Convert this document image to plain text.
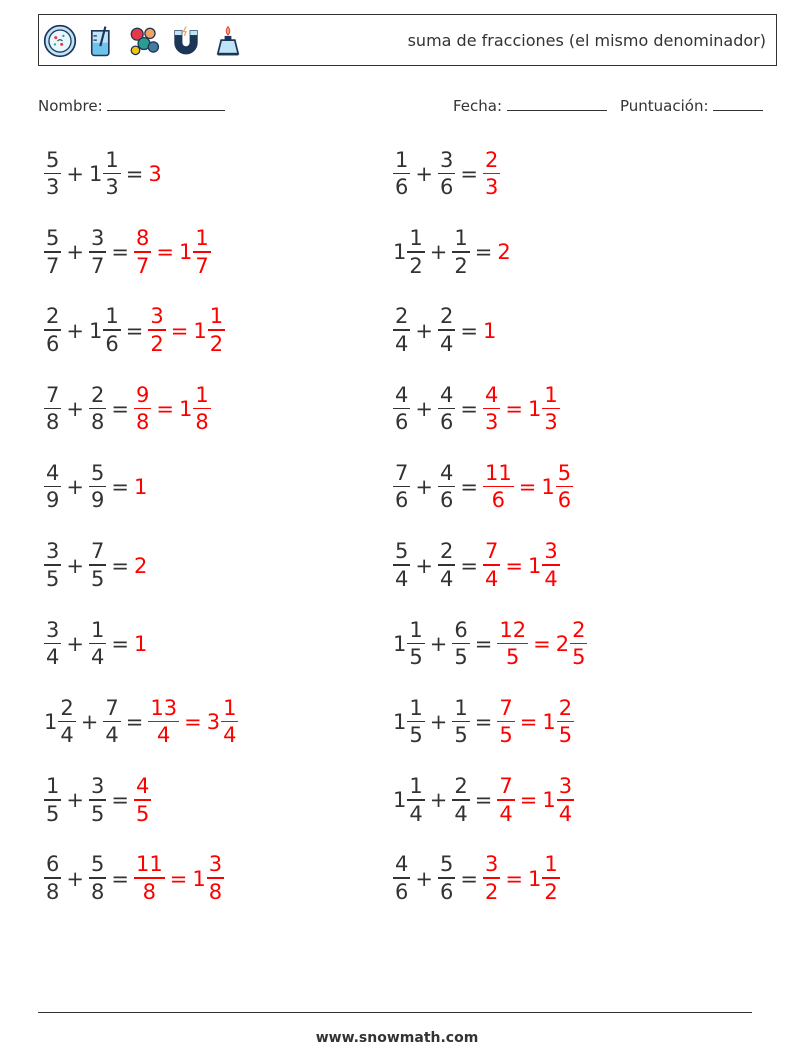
suma de fracciones (el mismo denominador)
Nombre:	Fecha:	Puntuación:
$\frac{5}{3} + 1 \frac{1}{3} = 3$	$\frac{1}{6} + \frac{3}{6} = \frac{2}{3}$
$\frac{5}{7} + \frac{3}{7} = \frac{8}{7} = 1 \frac{1}{7}$	$1 \frac{1}{2} + \frac{1}{2} = 2$
$\frac{2}{6} + 1 \frac{1}{6} = \frac{3}{2} = 1 \frac{1}{2}$	$\frac{2}{4} + \frac{2}{4} = 1$
$\frac{7}{8} + \frac{2}{8} = \frac{9}{8} = 1 \frac{1}{8}$	$\frac{4}{6} + \frac{4}{6} = \frac{4}{3} = 1 \frac{1}{3}$
$\frac{4}{9} + \frac{5}{9} = 1$	$\frac{7}{6} + \frac{4}{6} = \frac{11}{6} = 1 \frac{5}{6}$
$\frac{3}{5} + \frac{7}{5} = 2$	$\frac{5}{4} + \frac{2}{4} = \frac{7}{4} = 1 \frac{3}{4}$
$\frac{3}{4} + \frac{1}{4} = 1$	$1 \frac{1}{5} + \frac{6}{5} = \frac{12}{5} = 2 \frac{2}{5}$
$1 \frac{2}{4} + \frac{7}{4} = \frac{13}{4} = 3 \frac{1}{4}$	$1 \frac{1}{5} + \frac{1}{5} = \frac{7}{5} = 1 \frac{2}{5}$
$\frac{1}{5} + \frac{3}{5} = \frac{4}{5}$	$1 \frac{1}{4} + \frac{2}{4} = \frac{7}{4} = 1 \frac{3}{4}$
$\frac{6}{8} + \frac{5}{8} = \frac{11}{8} = 1 \frac{3}{8}$	$\frac{4}{6} + \frac{5}{6} = \frac{3}{2} = 1 \frac{1}{2}$
www.snowmath.com
